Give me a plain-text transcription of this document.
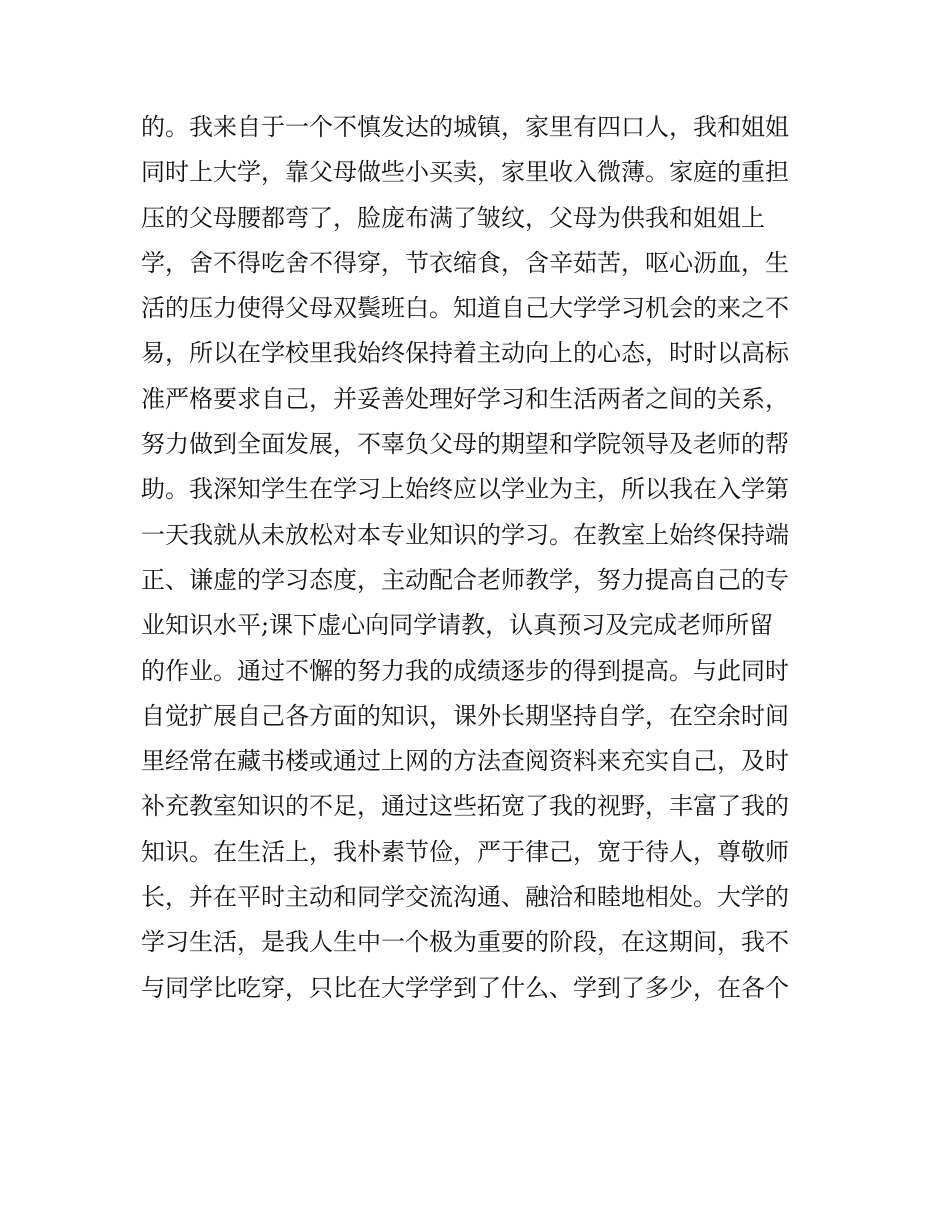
的。我来自于一个不慎发达的城镇，家里有四口人，我和姐姐
同时上大学，靠父母做些小买卖，家里收入微薄。家庭的重担
压的父母腰都弯了，脸庞布满了皱纹，父母为供我和姐姐上
学，舍不得吃舍不得穿，节衣缩食，含辛茹苦，呕心沥血，生
活的压力使得父母双鬓班白。知道自己大学学习机会的来之不
易，所以在学校里我始终保持着主动向上的心态，时时以高标
准严格要求自己，并妥善处理好学习和生活两者之间的关系，
努力做到全面发展，不辜负父母的期望和学院领导及老师的帮
助。我深知学生在学习上始终应以学业为主，所以我在入学第
一天我就从未放松对本专业知识的学习。在教室上始终保持端
正、谦虚的学习态度，主动配合老师教学，努力提高自己的专
业知识水平;课下虚心向同学请教，认真预习及完成老师所留
的作业。通过不懈的努力我的成绩逐步的得到提高。与此同时
自觉扩展自己各方面的知识，课外长期坚持自学，在空余时间
里经常在藏书楼或通过上网的方法查阅资料来充实自己，及时
补充教室知识的不足，通过这些拓宽了我的视野，丰富了我的
知识。在生活上，我朴素节俭，严于律己，宽于待人，尊敬师
长，并在平时主动和同学交流沟通、融洽和睦地相处。大学的
学习生活，是我人生中一个极为重要的阶段，在这期间，我不
与同学比吃穿，只比在大学学到了什么、学到了多少，在各个
